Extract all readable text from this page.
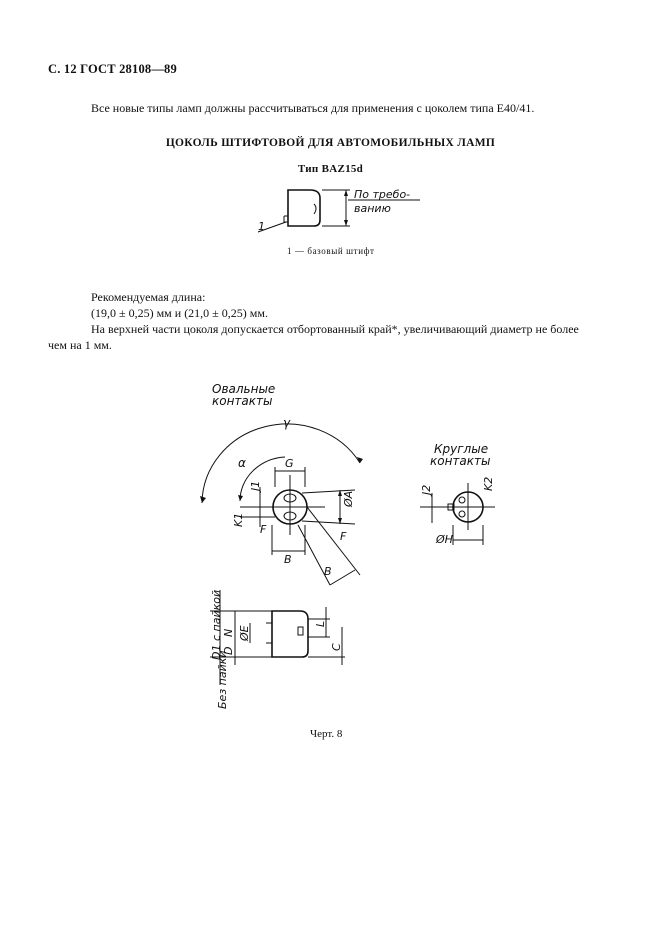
С. 12 ГОСТ 28108—89
Все новые типы ламп должны рассчитываться для применения с цоколем типа Е40/41.
ЦОКОЛЬ ШТИФТОВОЙ ДЛЯ АВТОМОБИЛЬНЫХ ЛАМП
Тип BAZ15d
1
По требо-
ванию
1 — базовый штифт
Рекомендуемая длина:
(19,0 ± 0,25) мм и (21,0 ± 0,25) мм.
На верхней части цоколя допускается отбортованный край*, увеличивающий диаметр не более
чем на 1 мм.
Овальные
контакты
γ
α	G
J1
K1
F
ØA
F
B
B
Круглые
контакты
J2	K2
ØH
D1 с пайкой N ØE
D
L
C
Без пайки
Черт. 8
